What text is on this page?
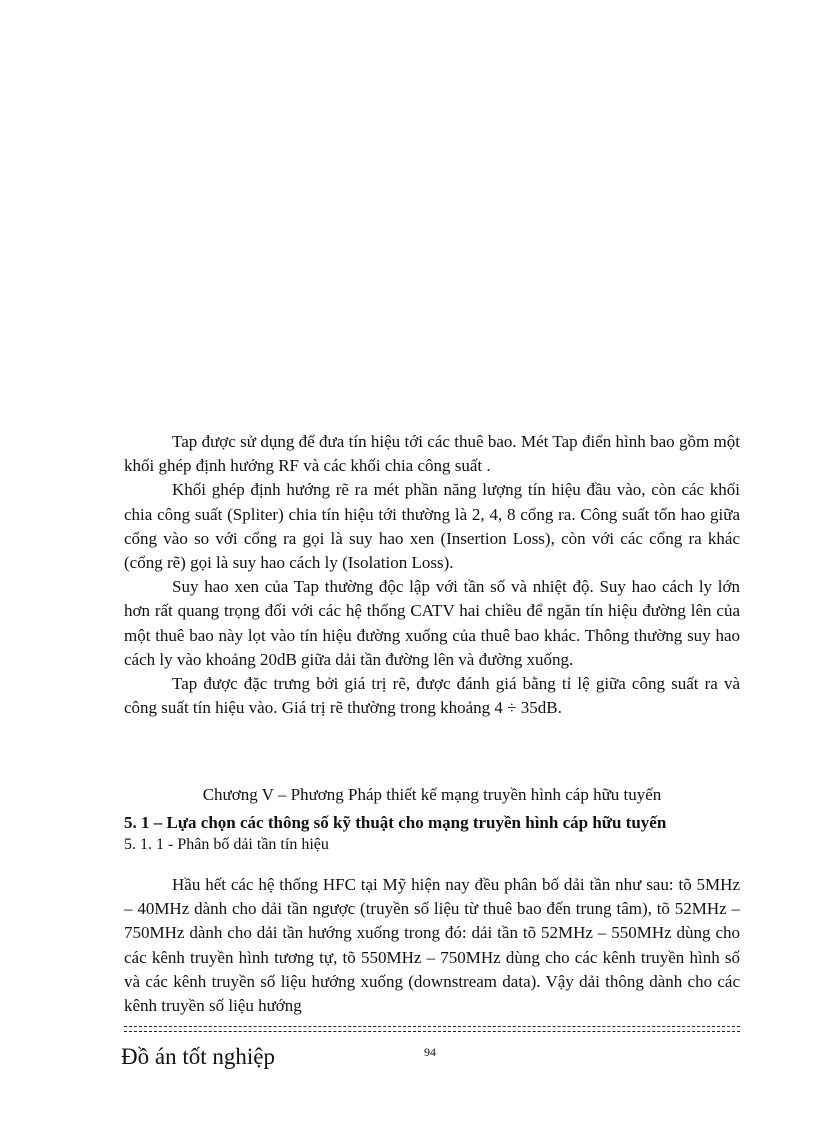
Tap được sử dụng để đưa tín hiệu tới các thuê bao. Mét Tap điển hình bao gồm một khối ghép định hướng RF và các khối chia công suất .

Khối ghép định hướng rẽ ra mét phần năng lượng tín hiệu đầu vào, còn các khối chia công suất (Spliter) chia tín hiệu tới thường là 2, 4, 8 cổng ra. Công suất tổn hao giữa cổng vào so với cổng ra gọi là suy hao xen (Insertion Loss), còn với các cổng ra khác (cổng rẽ) gọi là suy hao cách ly (Isolation Loss).

Suy hao xen của Tap thường độc lập với tần số và nhiệt độ. Suy hao cách ly lớn hơn rất quang trọng đối với các hệ thống CATV hai chiều để ngăn tín hiệu đường lên của một thuê bao này lọt vào tín hiệu đường xuống của thuê bao khác. Thông thường suy hao cách ly vào khoảng 20dB giữa dải tần đường lên và đường xuống.

Tap được đặc trưng bởi giá trị rẽ, được đánh giá bằng tỉ lệ giữa công suất ra và công suất tín hiệu vào. Giá trị rẽ thường trong khoảng 4 ÷ 35dB.

Chương V – Phương Pháp thiết kế mạng truyền hình cáp hữu tuyến
5. 1 – Lựa chọn các thông số kỹ thuật cho mạng truyền hình cáp hữu tuyến
5. 1. 1 - Phân bố dải tần tín hiệu

Hầu hết các hệ thống HFC tại Mỹ hiện nay đều phân bố dải tần như sau: tõ 5MHz – 40MHz dành cho dải tần ngược (truyền số liệu từ thuê bao đến trung tâm), tõ 52MHz – 750MHz dành cho dải tần hướng xuống trong đó: dải tần tõ 52MHz – 550MHz dùng cho các kênh truyền hình tương tự, tõ 550MHz – 750MHz dùng cho các kênh truyền hình số và các kênh truyền số liệu hướng xuống (downstream data). Vậy dải thông dành cho các kênh truyền số liệu hướng

Đồ án tốt nghiệp	94
